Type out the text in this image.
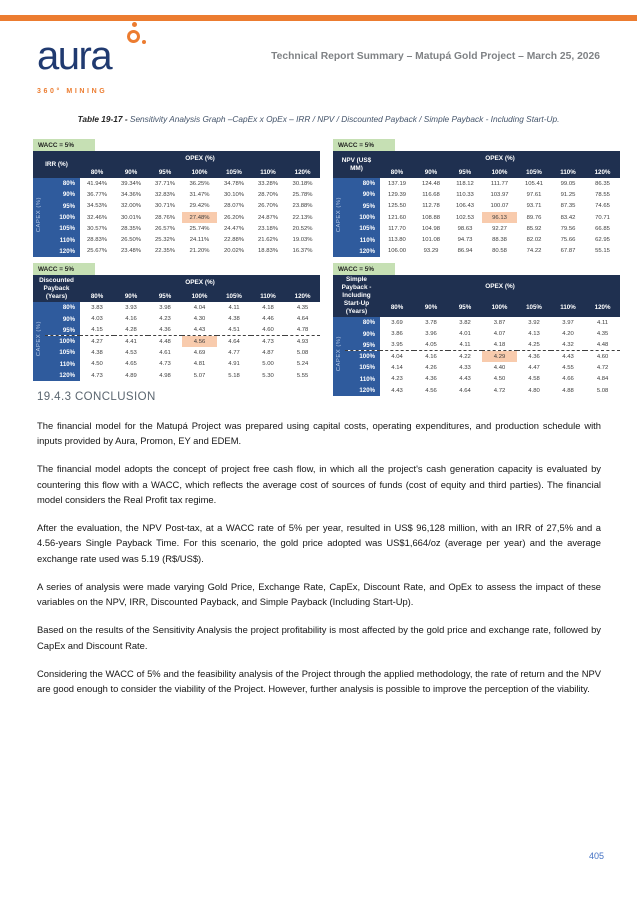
aura
360° MINING
Technical Report Summary – Matupá Gold Project – March 25, 2026
Table 19-17 - Sensitivity Analysis Graph –CapEx x OpEx – IRR / NPV / Discounted Payback / Simple Payback - Including Start-Up.
WACC = 5%
IRR (%)		OPEX (%)						
		80%	90%	95%	100%	105%	110%	120%
CAPEX (%)	80%	41.94%	39.34%	37.71%	36.25%	34.78%	33.28%	30.18%
	90%	36.77%	34.36%	32.83%	31.47%	30.10%	28.70%	25.78%
	95%	34.53%	32.00%	30.71%	29.42%	28.07%	26.70%	23.88%
	100%	32.46%	30.01%	28.76%	27.48%	26.20%	24.87%	22.13%
	105%	30.57%	28.35%	26.57%	25.74%	24.47%	23.18%	20.52%
	110%	28.83%	26.50%	25.32%	24.11%	22.88%	21.62%	19.03%
	120%	25.67%	23.48%	22.35%	21.20%	20.02%	18.83%	16.37%
WACC = 5%
NPV (US$ MM)		OPEX (%)						
		80%	90%	95%	100%	105%	110%	120%
CAPEX (%)	80%	137.19	124.48	118.12	111.77	105.41	99.05	86.35
	90%	129.39	116.68	110.33	103.97	97.61	91.25	78.55
	95%	125.50	112.78	106.43	100.07	93.71	87.35	74.65
	100%	121.60	108.88	102.53	96.13	89.76	83.42	70.71
	105%	117.70	104.98	98.63	92.27	85.92	79.56	66.85
	110%	113.80	101.08	94.73	88.38	82.02	75.66	62.95
	120%	106.00	93.29	86.94	80.58	74.22	67.87	55.15
WACC = 5%
Discounted Payback (Years)		OPEX (%)						
		80%	90%	95%	100%	105%	110%	120%
CAPEX (%)	80%	3.83	3.93	3.98	4.04	4.11	4.18	4.35
	90%	4.03	4.16	4.23	4.30	4.38	4.46	4.64
	95%	4.15	4.28	4.36	4.43	4.51	4.60	4.78
	100%	4.27	4.41	4.48	4.56	4.64	4.73	4.93
	105%	4.38	4.53	4.61	4.69	4.77	4.87	5.08
	110%	4.50	4.65	4.73	4.81	4.91	5.00	5.24
	120%	4.73	4.89	4.98	5.07	5.18	5.30	5.55
WACC = 5%
Simple Payback - Including Start-Up (Years)		OPEX (%)						
		80%	90%	95%	100%	105%	110%	120%
CAPEX (%)	80%	3.69	3.78	3.82	3.87	3.92	3.97	4.11
	90%	3.86	3.96	4.01	4.07	4.13	4.20	4.35
	95%	3.95	4.05	4.11	4.18	4.25	4.32	4.48
	100%	4.04	4.16	4.22	4.29	4.36	4.43	4.60
	105%	4.14	4.26	4.33	4.40	4.47	4.55	4.72
	110%	4.23	4.36	4.43	4.50	4.58	4.66	4.84
	120%	4.43	4.56	4.64	4.72	4.80	4.88	5.08
19.4.3 CONCLUSION

The financial model for the Matupá Project was prepared using capital costs, operating expenditures, and production schedule with inputs provided by Aura, Promon, EY and EDEM.

The financial model adopts the concept of project free cash flow, in which all the project's cash generation capacity is evaluated by countering this flow with a WACC, which reflects the average cost of sources of funds (cost of equity and third parties). The financial model considers the Real Profit tax regime.

After the evaluation, the NPV Post-tax, at a WACC rate of 5% per year, resulted in US$ 96,128 million, with an IRR of 27,5% and a 4.56-years Single Payback Time. For this scenario, the gold price adopted was US$1,664/oz (average per year) and the average exchange rate used was 5.19 (R$/US$).

A series of analysis were made varying Gold Price, Exchange Rate, CapEx, Discount Rate, and OpEx to assess the impact of these variables on the NPV, IRR, Discounted Payback, and Simple Payback (Including Start-Up).

Based on the results of the Sensitivity Analysis the project profitability is most affected by the gold price and exchange rate, followed by CapEx and Discount Rate.

Considering the WACC of 5% and the feasibility analysis of the Project through the applied methodology, the rate of return and the NPV are good enough to consider the viability of the Project. However, further analysis is possible to improve the perception of the viability.

405
